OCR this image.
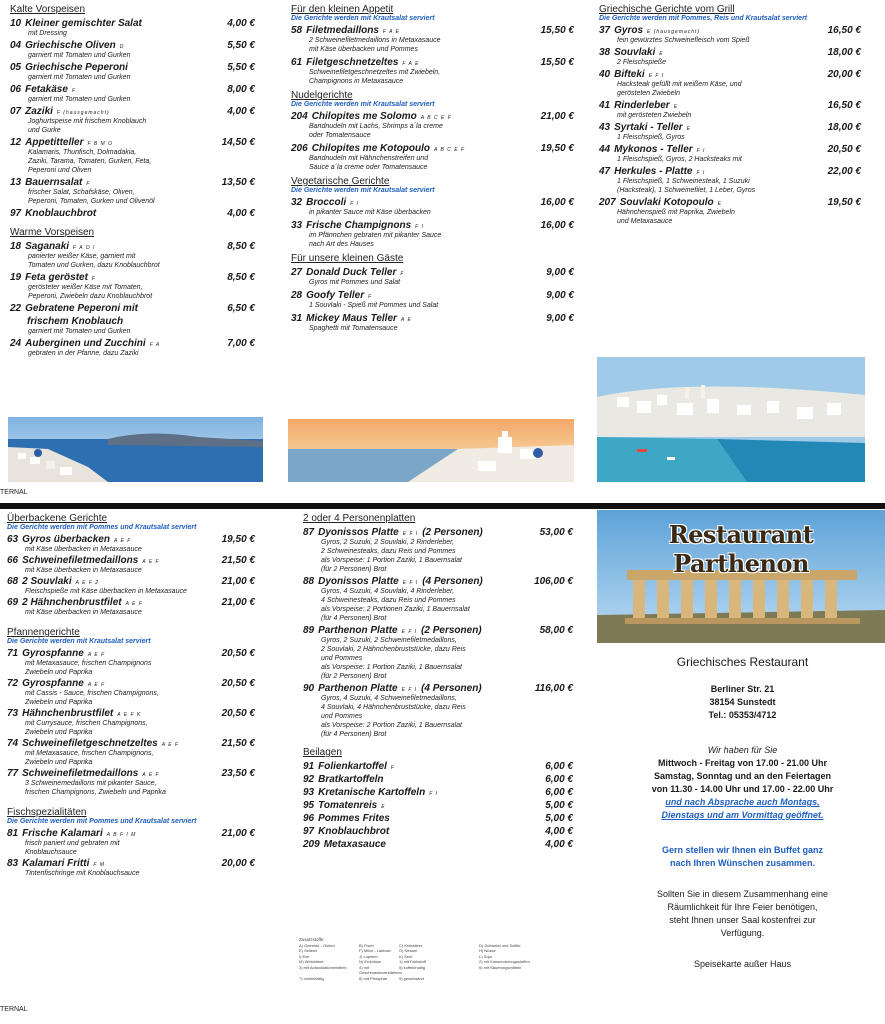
Kalte Vorspeisen
10 Kleiner gemischter Salat	4,00 €
mit Dressing
04 Griechische Oliven D	5,50 €
garniert mit Tomaten und Gurken
05 Griechische Peperoni	5,50 €
garniert mit Tomaten und Gurken
06 Fetakäse F	8,00 €
garniert mit Tomaten und Gurken
07 Zaziki F (hausgemacht)	4,00 €
Joghurtspeise mit frischem Knoblauch
und Gurke
12 Appetitteller F B M O	14,50 €
Kalamaris, Thunfisch, Dolmadakia,
Zaziki, Tarama, Tomaten, Gurken, Feta,
Peperoni und Oliven
13 Bauernsalat F	13,50 €
frischer Salat, Schafskäse, Oliven,
Peperoni, Tomaten, Gurken und Olivenöl
97 Knoblauchbrot	4,00 €
Warme Vorspeisen
18 Saganaki F A O I	8,50 €
panierter weißer Käse, garniert mit
Tomaten und Gurken, dazu Knoblauchbrot
19 Feta geröstet F	8,50 €
gerösteter weißer Käse mit Tomaten,
Peperoni, Zwiebeln dazu Knoblauchbrot
22 Gebratene Peperoni mit	6,50 €
frischem Knoblauch
garniert mit Tomaten und Gurken
24 Auberginen und Zucchini F A	7,00 €
gebraten in der Pfanne, dazu Zaziki
Für den kleinen Appetit
Die Gerichte werden mit Krautsalat serviert
58 Filetmedaillons F A E	15,50 €
2 Schweinefiletmedaillons in Metaxasauce
mit Käse überbacken und Pommes
61 Filetgeschnetzeltes F A E	15,50 €
Schweinefiletgeschnetzeltes mit Zwiebeln,
Champignons in Metaxasauce
Nudelgerichte
Die Gerichte werden mit Krautsalat serviert
204 Chilopites me Solomo A B C E F	21,00 €
Bandnudeln mit Lachs, Shrimps a´la creme
oder Tomatensauce
206 Chilopites me Kotopoulo A B C E F	19,50 €
Bandnudeln mit Hähnchenstreifen und
Sauce a´la creme oder Tomatensauce
Vegetarische Gerichte
Die Gerichte werden mit Krautsalat serviert
32 Broccoli F I	16,00 €
in pikanter Sauce mit Käse überbacken
33 Frische Champignons F I	16,00 €
im Pfännchen gebraten mit pikanter Sauce
nach Art des Hauses
Für unsere kleinen Gäste
27 Donald Duck Teller F	9,00 €
Gyros mit Pommes und Salat
28 Goofy Teller F	9,00 €
1 Souvlaki - Spieß mit Pommes und Salat
31 Mickey Maus Teller A E	9,00 €
Spaghetti mit Tomatensauce
Griechische Gerichte vom Grill
Die Gerichte werden mit Pommes, Reis und Krautsalat serviert
37 Gyros E (hausgemacht)	16,50 €
fein gewürztes Schweinefleisch vom Spieß
38 Souvlaki E	18,00 €
2 Fleischspieße
40 Bifteki E F I	20,00 €
Hacksteak gefüllt mit weißem Käse, und
gerösteten Zwiebeln
41 Rinderleber E	16,50 €
mit gerösteten Zwiebeln
43 Syrtaki - Teller E	18,00 €
1 Fleischspieß, Gyros
44 Mykonos - Teller F I	20,50 €
1 Fleischspieß, Gyros, 2 Hacksteaks mit
47 Herkules - Platte F I	22,00 €
1 Fleischspieß, 1 Schweinesteak, 1 Suzuki
(Hacksteak), 1 Schweinefilet, 1 Leber, Gyros
207 Souvlaki Kotopoulo E	19,50 €
Hähnchenspieß mit Paprika, Zwiebeln
und Metaxasauce
TERNAL
Überbackene Gerichte
Die Gerichte werden mit Pommes und Krautsalat serviert
63 Gyros überbacken A E F	19,50 €
mit Käse überbacken in Metaxasauce
66 Schweinefiletmedaillons A E F	21,50 €
mit Käse überbacken in Metaxasauce
68 2 Souvlaki A E F 2	21,00 €
Fleischspieße mit Käse überbacken in Metaxasauce
69 2 Hähnchenbrustfilet A E F	21,00 €
mit Käse überbacken in Metaxasauce
Pfannengerichte
Die Gerichte werden mit Krautsalat serviert
71 Gyrospfanne A E F	20,50 €
mit Metaxasauce, frischen Champignons
Zwiebeln und Paprika
72 Gyrospfanne A E F	20,50 €
mit Cassis - Sauce, frischen Champignons,
Zwiebeln und Paprika
73 Hähnchenbrustfilet A E F K	20,50 €
mit Currysauce, frischen Champignons,
Zwiebeln und Paprika
74 Schweinefiletgeschnetzeltes A E F	21,50 €
mit Metaxasauce, frischen Champignons,
Zwiebeln und Paprika
77 Schweinefiletmedaillons A E F	23,50 €
3 Schweinemedaillons mit pikanter Sauce,
frischen Champignons, Zwiebeln und Paprika
Fischspezialitäten
Die Gerichte werden mit Pommes und Krautsalat serviert
81 Frische Kalamari A B F I M	21,00 €
frisch paniert und gebraten mit
Knoblauchsauce
83 Kalamari Fritti F M	20,00 €
Tintenfischringe mit Knoblauchsauce
2 oder 4 Personenplatten
87 Dyonissos Platte E F I (2 Personen)	53,00 €
Gyros, 2 Suzuki, 2 Souvlaki, 2 Rinderleber,
2 Schweinesteaks, dazu Reis und Pommes
als Vorspeise: 1 Portion Zaziki, 1 Bauernsalat
(für 2 Personen) Brot
88 Dyonissos Platte E F I (4 Personen)	106,00 €
Gyros, 4 Suzuki, 4 Souvlaki, 4 Rinderleber,
4 Schweinesteaks, dazu Reis und Pommes
als Vorspeise: 2 Portionen Zaziki, 1 Bauernsalat
(für 4 Personen) Brot
89 Parthenon Platte E F I (2 Personen)	58,00 €
Gyros, 2 Suzuki, 2 Schweinefiletmedaillons,
2 Souvlaki, 2 Hähnchenbruststücke, dazu Reis
und Pommes
als Vorspeise: 1 Portion Zaziki, 1 Bauernsalat
(für 2 Personen) Brot
90 Parthenon Platte E F I (4 Personen)	116,00 €
Gyros, 4 Suzuki, 4 Schweinefiletmedaillons,
4 Souvlaki, 4 Hähnchenbruststücke, dazu Reis
und Pommes
als Vorspeise: 2 Portion Zaziki, 1 Bauernsalat
(für 4 Personen) Brot
Beilagen
91 Folienkartoffel F	6,00 €
92 Bratkartoffeln	6,00 €
93 Kretanische Kartoffeln F I	6,00 €
95 Tomatenreis E	5,00 €
96 Pommes Frites	5,00 €
97 Knoblauchbrot	4,00 €
209 Metaxasauce	4,00 €
Restaurant Parthenon
Griechisches Restaurant
Berliner Str. 21
38154 Sunstedt
Tel.: 05353/4712
Wir haben für Sie
Mittwoch - Freitag von 17.00 - 21.00 Uhr
Samstag, Sonntag und an den Feiertagen
von 11.30 - 14.00 Uhr und 17.00 - 22.00 Uhr
und nach Absprache auch Montags,
Dienstags und am Vormittag geöffnet.
Gern stellen wir Ihnen ein Buffet ganz
nach Ihren Wünschen zusammen.
Sollten Sie in diesem Zusammenhang eine
Räumlichkeit für Ihre Feier benötigen,
steht Ihnen unser Saal kostenfrei zur
Verfügung.
Speisekarte außer Haus
Zusatzstoffe:
A) Getreide - Gluten	B) Fisch	C) Krebstiere	D) Schwefel und Sulfite
E) Sellerie	F) Milch - Laktose	G) Sesam	H) Nüsse
I) Eier	J) Lupinen	K) Senf	L) Soja
M) Weichtiere	N) Erdnüsse	1) mit Farbstoff	2) mit Konservierungsstoffen
3) mit Antioxidationsmitteln	4) mit Geschmacksverstärkern
5) koffeinhaltig	6) mit Säuerungsmitteln
7) chininhaltig	8) mit Phosphat	9) geschwärzt
TERNAL
